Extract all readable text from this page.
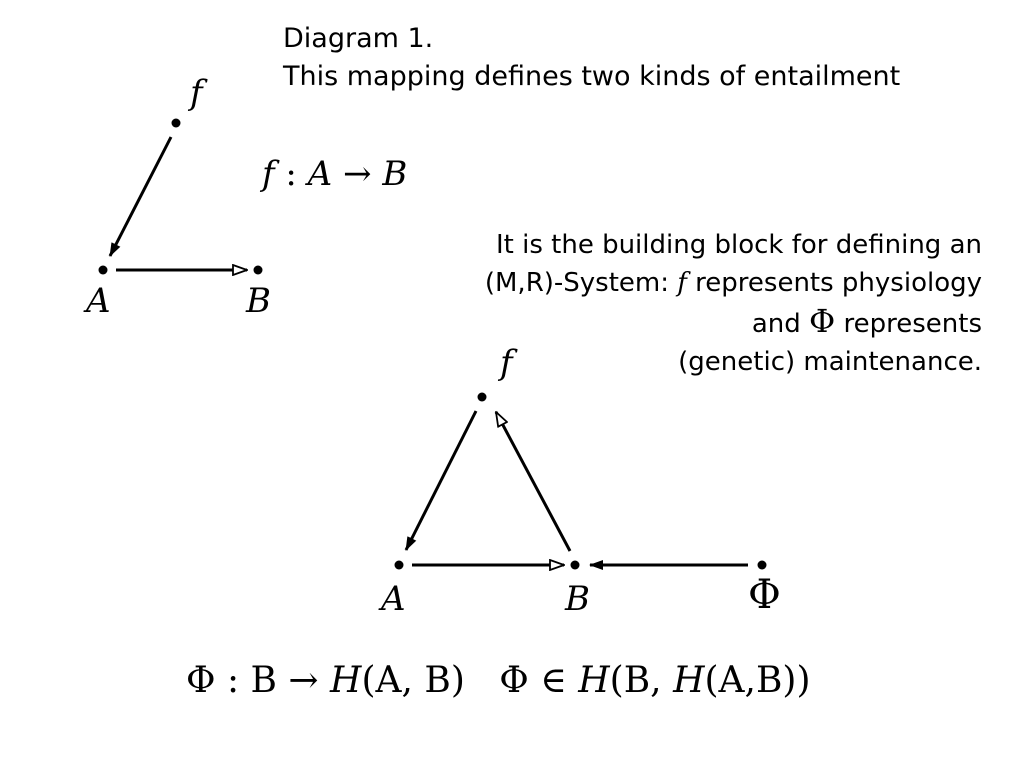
Diagram 1.
This mapping defines two kinds of entailment
f : A → B
It is the building block for defining an
(M,R)-System: f represents physiology
and Φ represents
(genetic) maintenance.
f
A	B
f
A	B	Φ
Φ : B → H(A, B)   Φ ∈ H(B, H(A,B))
